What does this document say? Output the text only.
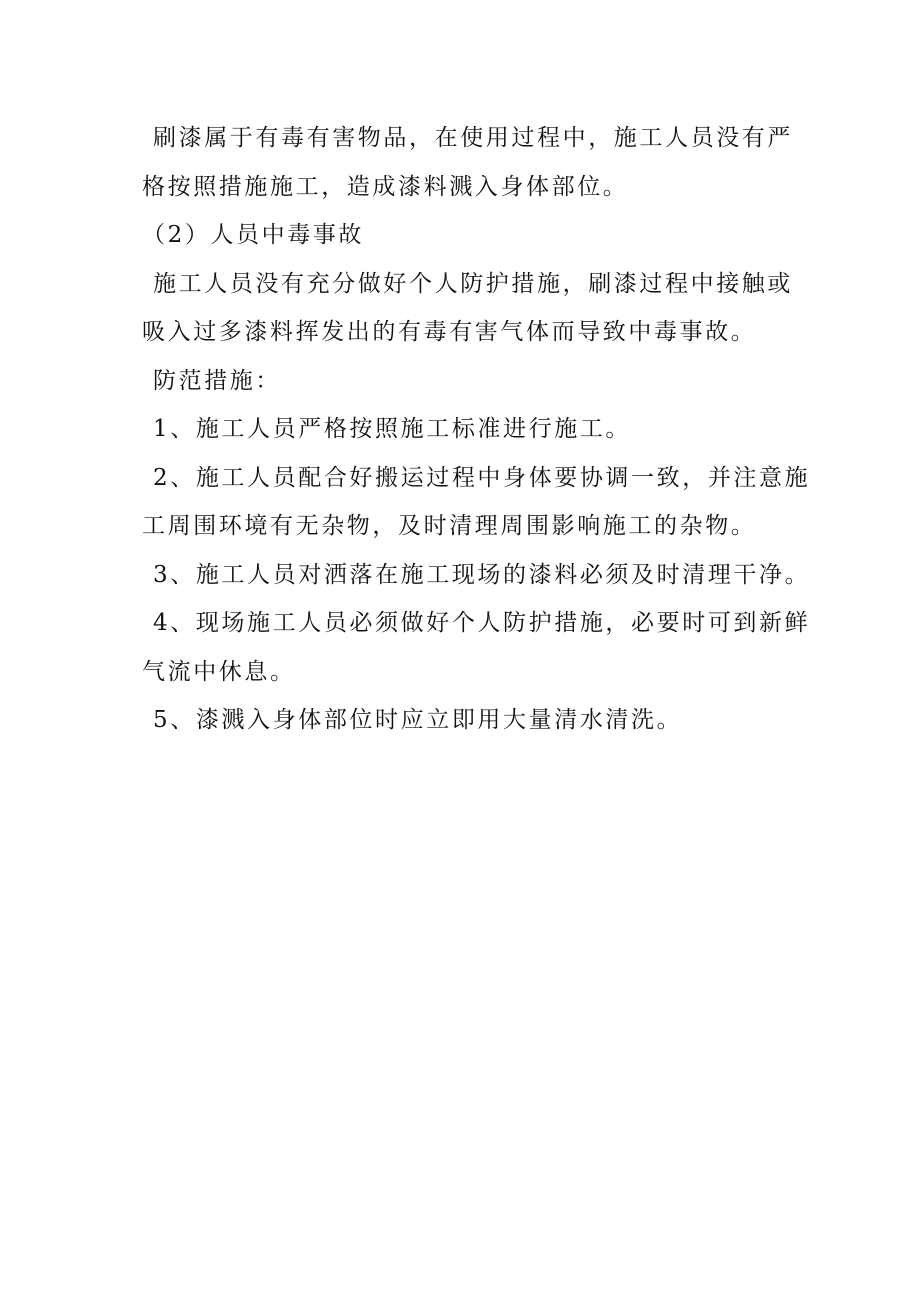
刷漆属于有毒有害物品，在使用过程中，施工人员没有严
格按照措施施工，造成漆料溅入身体部位。

（2）人员中毒事故

施工人员没有充分做好个人防护措施，刷漆过程中接触或
吸入过多漆料挥发出的有毒有害气体而导致中毒事故。

防范措施：

1、施工人员严格按照施工标准进行施工。

2、施工人员配合好搬运过程中身体要协调一致，并注意施
工周围环境有无杂物，及时清理周围影响施工的杂物。

3、施工人员对洒落在施工现场的漆料必须及时清理干净。

4、现场施工人员必须做好个人防护措施，必要时可到新鲜
气流中休息。

5、漆溅入身体部位时应立即用大量清水清洗。
